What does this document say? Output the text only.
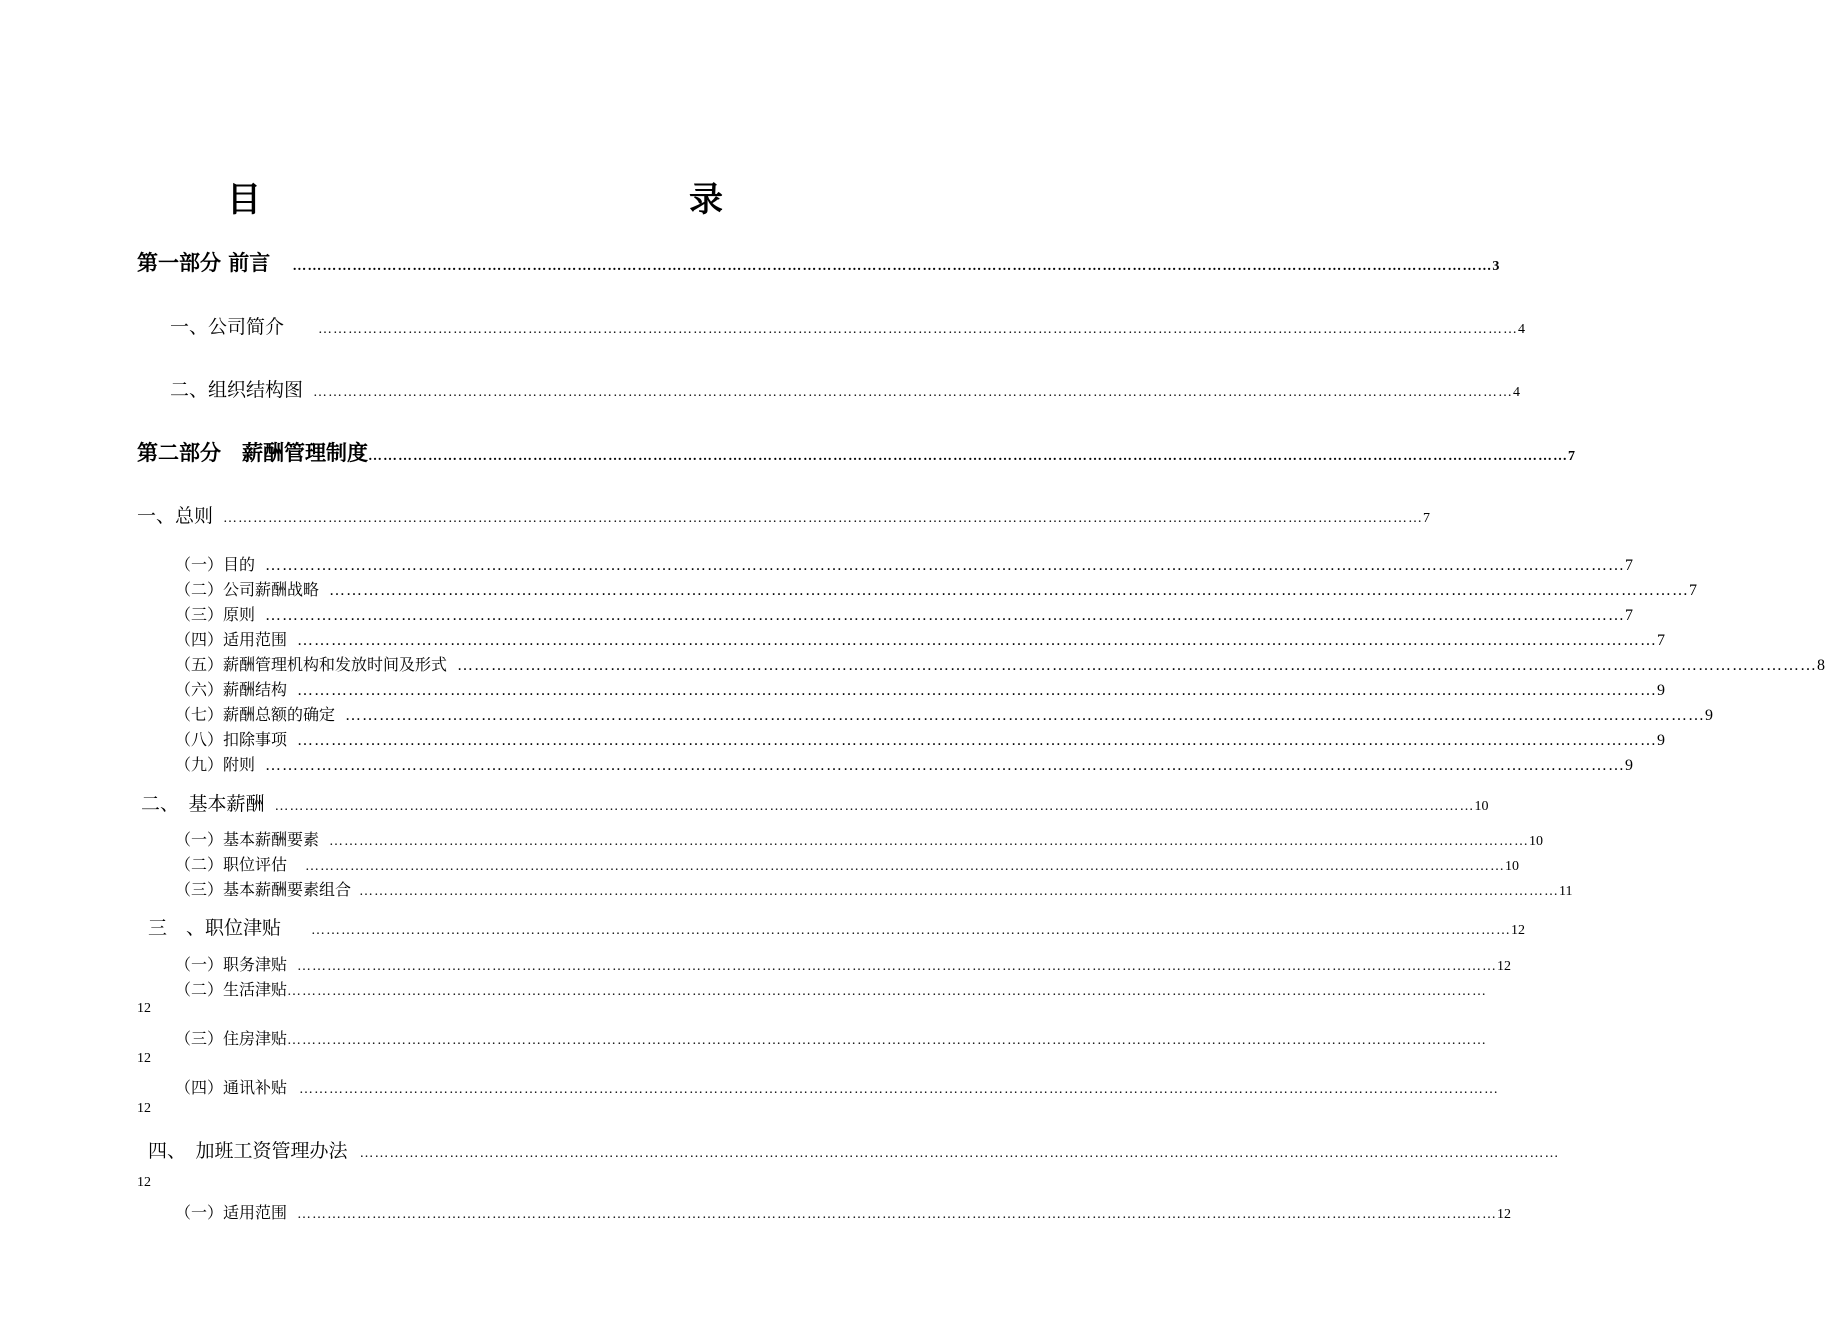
目　　录
第一部分 前言 …………………………………………………………………………………………………………………………………………………………………………………………………………………… 3
一、公司简介 …………………………………………………………………………………………………………………………………………………………………………………………………………………… 4
二、组织结构图 …………………………………………………………………………………………………………………………………………………………………………………………………………………… 4
第二部分　薪酬管理制度 …………………………………………………………………………………………………………………………………………………………………………………………………………………… 7
一、总则 …………………………………………………………………………………………………………………………………………………………………………………………………………………… 7
（一）目的 …………………………………………………………………………………………………………………………………………………………………………………………………………………… 7
（二）公司薪酬战略 …………………………………………………………………………………………………………………………………………………………………………………………………………………… 7
（三）原则 …………………………………………………………………………………………………………………………………………………………………………………………………………………… 7
（四）适用范围 …………………………………………………………………………………………………………………………………………………………………………………………………………………… 7
（五）薪酬管理机构和发放时间及形式 …………………………………………………………………………………………………………………………………………………………………………………………………………………… 8
（六）薪酬结构 …………………………………………………………………………………………………………………………………………………………………………………………………………………… 9
（七）薪酬总额的确定 …………………………………………………………………………………………………………………………………………………………………………………………………………………… 9
（八）扣除事项 …………………………………………………………………………………………………………………………………………………………………………………………………………………… 9
（九）附则 …………………………………………………………………………………………………………………………………………………………………………………………………………………… 9
二、　基本薪酬 …………………………………………………………………………………………………………………………………………………………………………………………………………………… 10
（一）基本薪酬要素 …………………………………………………………………………………………………………………………………………………………………………………………………………………… 10
（二）职位评估 …………………………………………………………………………………………………………………………………………………………………………………………………………………… 10
（三）基本薪酬要素组合 …………………………………………………………………………………………………………………………………………………………………………………………………………………… 11
三　、职位津贴 …………………………………………………………………………………………………………………………………………………………………………………………………………………… 12
（一）职务津贴 …………………………………………………………………………………………………………………………………………………………………………………………………………………… 12
（二）生活津贴 ……………………………………………………………………………………………………………………………………………………………………………………………………………………
12
（三）住房津贴 ……………………………………………………………………………………………………………………………………………………………………………………………………………………
12
（四）通讯补贴 ……………………………………………………………………………………………………………………………………………………………………………………………………………………
12
四、　加班工资管理办法 ……………………………………………………………………………………………………………………………………………………………………………………………………………………
12
（一）适用范围 …………………………………………………………………………………………………………………………………………………………………………………………………………………… 12
